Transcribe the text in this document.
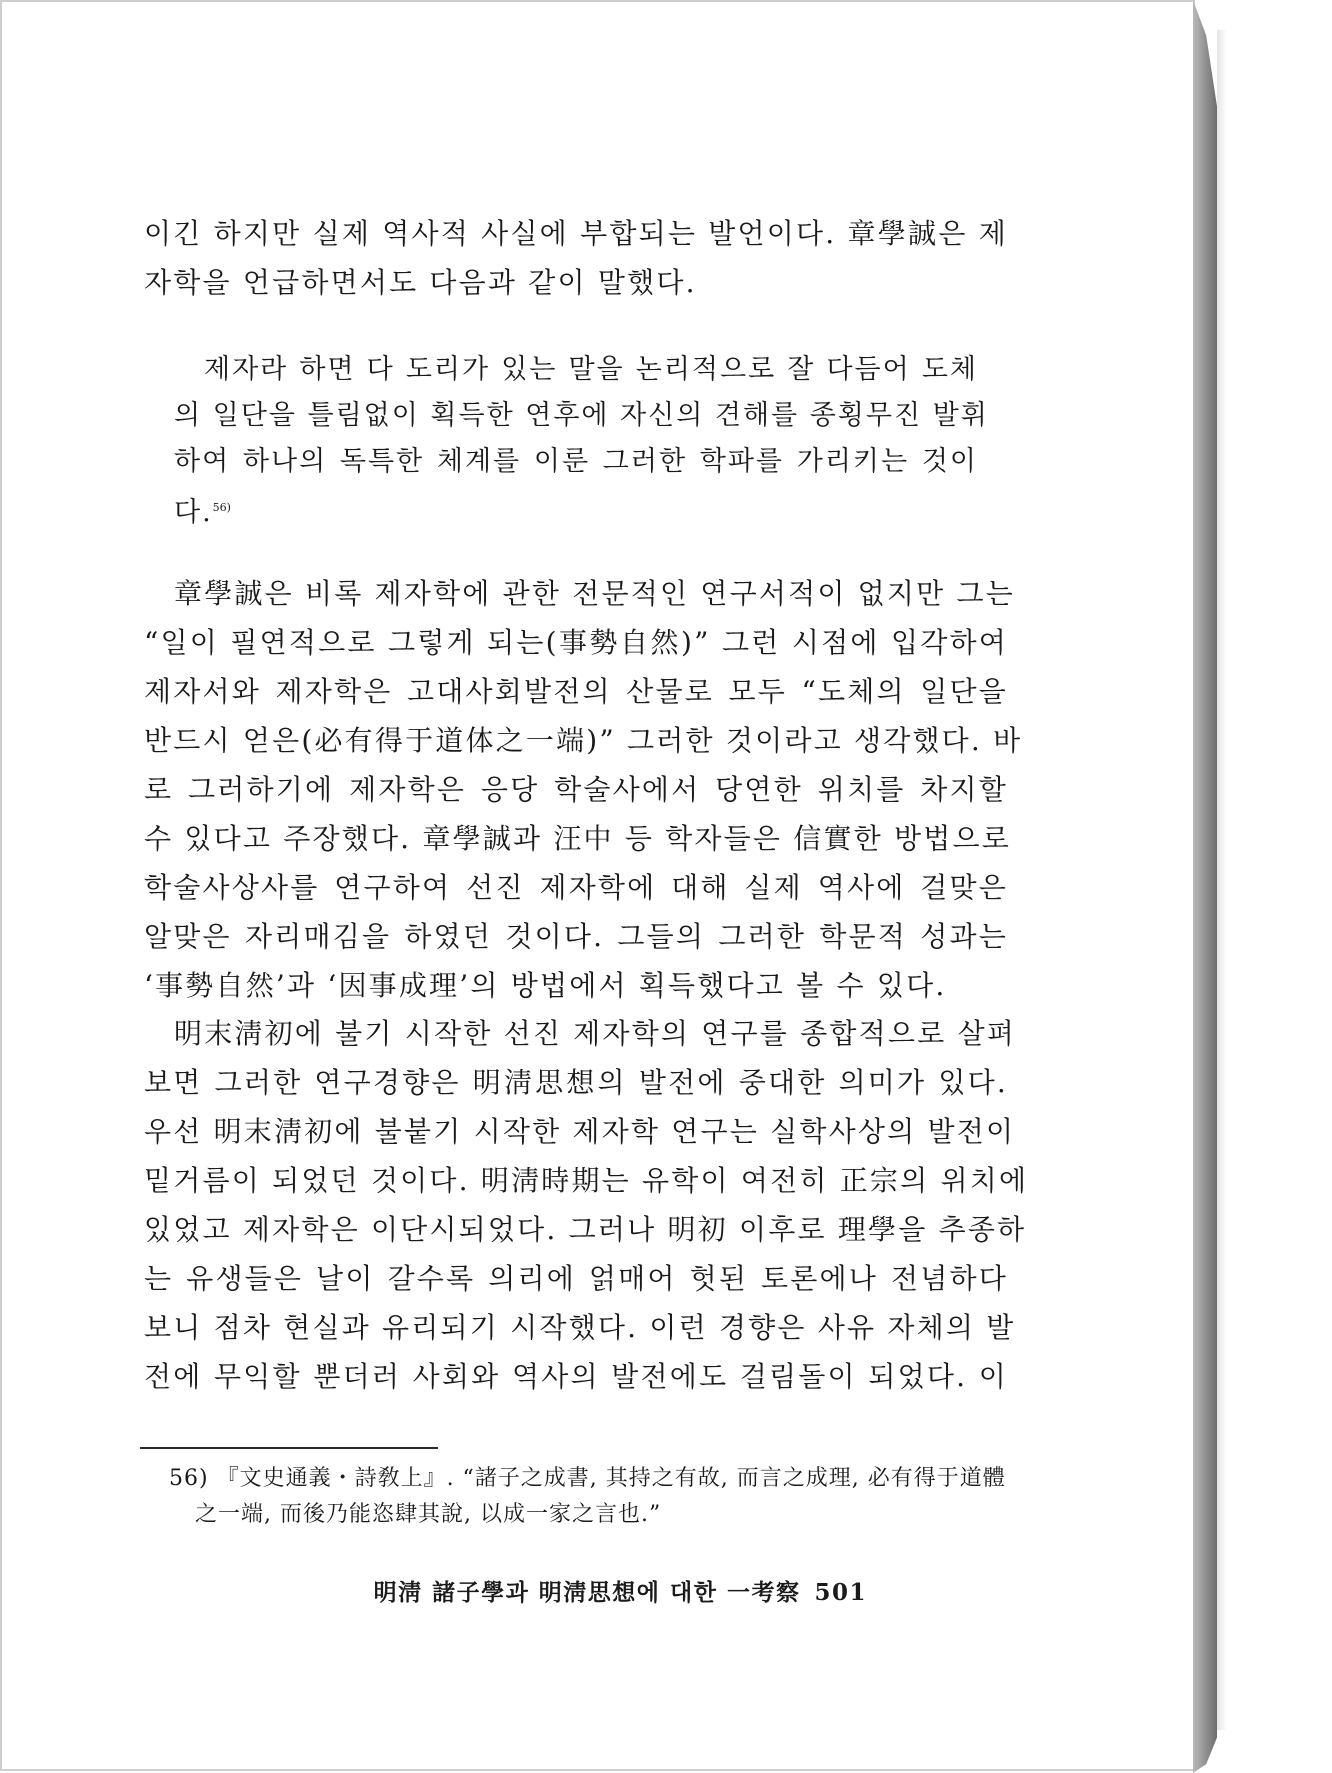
이긴 하지만 실제 역사적 사실에 부합되는 발언이다. 章學誠은 제
자학을 언급하면서도 다음과 같이 말했다.
제자라 하면 다 도리가 있는 말을 논리적으로 잘 다듬어 도체
의 일단을 틀림없이 획득한 연후에 자신의 견해를 종횡무진 발휘
하여 하나의 독특한 체계를 이룬 그러한 학파를 가리키는 것이
다.$^{56)}$
章學誠은 비록 제자학에 관한 전문적인 연구서적이 없지만 그는
“일이 필연적으로 그렇게 되는(事勢自然)” 그런 시점에 입각하여
제자서와 제자학은 고대사회발전의 산물로 모두 “도체의 일단을
반드시 얻은(必有得于道体之一端)” 그러한 것이라고 생각했다. 바
로 그러하기에 제자학은 응당 학술사에서 당연한 위치를 차지할
수 있다고 주장했다. 章學誠과 汪中 등 학자들은 信實한 방법으로
학술사상사를 연구하여 선진 제자학에 대해 실제 역사에 걸맞은
알맞은 자리매김을 하였던 것이다. 그들의 그러한 학문적 성과는
‘事勢自然’과 ‘因事成理’의 방법에서 획득했다고 볼 수 있다.
明末淸初에 불기 시작한 선진 제자학의 연구를 종합적으로 살펴
보면 그러한 연구경향은 明淸思想의 발전에 중대한 의미가 있다.
우선 明末淸初에 불붙기 시작한 제자학 연구는 실학사상의 발전이
밑거름이 되었던 것이다. 明淸時期는 유학이 여전히 正宗의 위치에
있었고 제자학은 이단시되었다. 그러나 明初 이후로 理學을 추종하
는 유생들은 날이 갈수록 의리에 얽매어 헛된 토론에나 전념하다
보니 점차 현실과 유리되기 시작했다. 이런 경향은 사유 자체의 발
전에 무익할 뿐더러 사회와 역사의 발전에도 걸림돌이 되었다. 이
56) 『文史通義・詩敎上』. “諸子之成書, 其持之有故, 而言之成理, 必有得于道體
之一端, 而後乃能恣肆其說, 以成一家之言也.”
明淸 諸子學과 明淸思想에 대한 一考察 501
